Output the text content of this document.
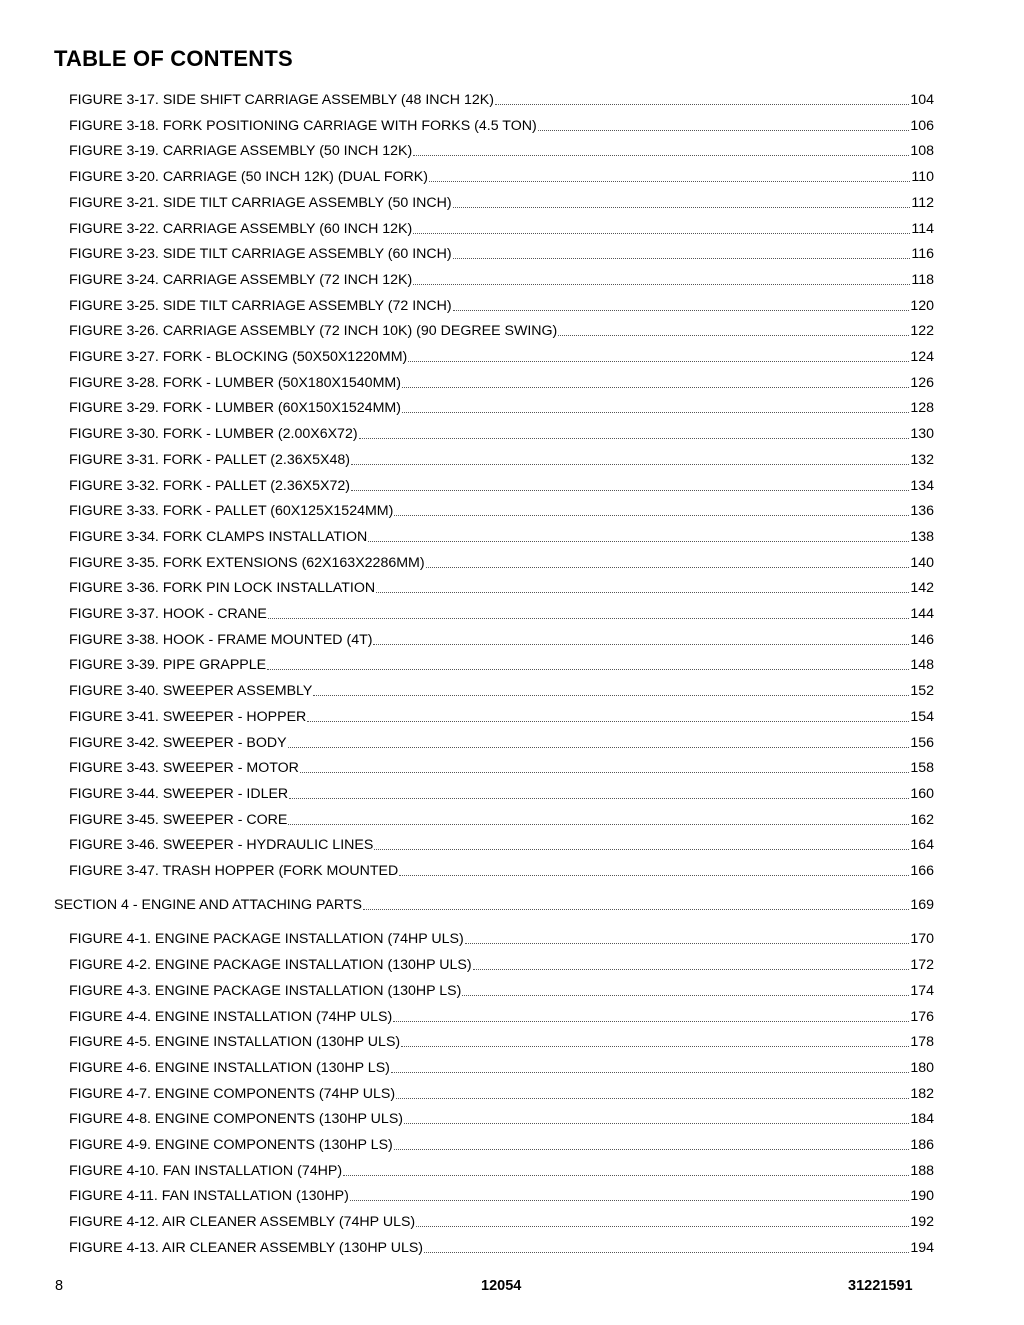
TABLE OF CONTENTS
FIGURE 3-17. SIDE SHIFT CARRIAGE ASSEMBLY (48 INCH 12K)	104
FIGURE 3-18. FORK POSITIONING CARRIAGE WITH FORKS (4.5 TON)	106
FIGURE 3-19. CARRIAGE ASSEMBLY (50 INCH 12K)	108
FIGURE 3-20. CARRIAGE (50 INCH 12K) (DUAL FORK)	110
FIGURE 3-21. SIDE TILT CARRIAGE ASSEMBLY (50 INCH)	112
FIGURE 3-22. CARRIAGE ASSEMBLY (60 INCH 12K)	114
FIGURE 3-23. SIDE TILT CARRIAGE ASSEMBLY (60 INCH)	116
FIGURE 3-24. CARRIAGE ASSEMBLY (72 INCH 12K)	118
FIGURE 3-25. SIDE TILT CARRIAGE ASSEMBLY (72 INCH)	120
FIGURE 3-26. CARRIAGE ASSEMBLY (72 INCH 10K) (90 DEGREE SWING)	122
FIGURE 3-27. FORK - BLOCKING (50X50X1220MM)	124
FIGURE 3-28. FORK - LUMBER (50X180X1540MM)	126
FIGURE 3-29. FORK - LUMBER (60X150X1524MM)	128
FIGURE 3-30. FORK - LUMBER (2.00X6X72)	130
FIGURE 3-31. FORK - PALLET (2.36X5X48)	132
FIGURE 3-32. FORK - PALLET (2.36X5X72)	134
FIGURE 3-33. FORK - PALLET (60X125X1524MM)	136
FIGURE 3-34. FORK CLAMPS INSTALLATION	138
FIGURE 3-35. FORK EXTENSIONS (62X163X2286MM)	140
FIGURE 3-36. FORK PIN LOCK INSTALLATION	142
FIGURE 3-37. HOOK - CRANE	144
FIGURE 3-38. HOOK - FRAME MOUNTED (4T)	146
FIGURE 3-39. PIPE GRAPPLE	148
FIGURE 3-40. SWEEPER ASSEMBLY	152
FIGURE 3-41. SWEEPER - HOPPER	154
FIGURE 3-42. SWEEPER - BODY	156
FIGURE 3-43. SWEEPER - MOTOR	158
FIGURE 3-44. SWEEPER - IDLER	160
FIGURE 3-45. SWEEPER - CORE	162
FIGURE 3-46. SWEEPER - HYDRAULIC LINES	164
FIGURE 3-47. TRASH HOPPER (FORK MOUNTED	166
SECTION 4 - ENGINE AND ATTACHING PARTS	169
FIGURE 4-1. ENGINE PACKAGE INSTALLATION (74HP ULS)	170
FIGURE 4-2. ENGINE PACKAGE INSTALLATION (130HP ULS)	172
FIGURE 4-3. ENGINE PACKAGE INSTALLATION (130HP LS)	174
FIGURE 4-4. ENGINE INSTALLATION (74HP ULS)	176
FIGURE 4-5. ENGINE INSTALLATION (130HP ULS)	178
FIGURE 4-6. ENGINE INSTALLATION (130HP LS)	180
FIGURE 4-7. ENGINE COMPONENTS (74HP ULS)	182
FIGURE 4-8. ENGINE COMPONENTS (130HP ULS)	184
FIGURE 4-9. ENGINE COMPONENTS (130HP LS)	186
FIGURE 4-10. FAN INSTALLATION (74HP)	188
FIGURE 4-11. FAN INSTALLATION (130HP)	190
FIGURE 4-12. AIR CLEANER ASSEMBLY (74HP ULS)	192
FIGURE 4-13. AIR CLEANER ASSEMBLY (130HP ULS)	194
8	12054	31221591
